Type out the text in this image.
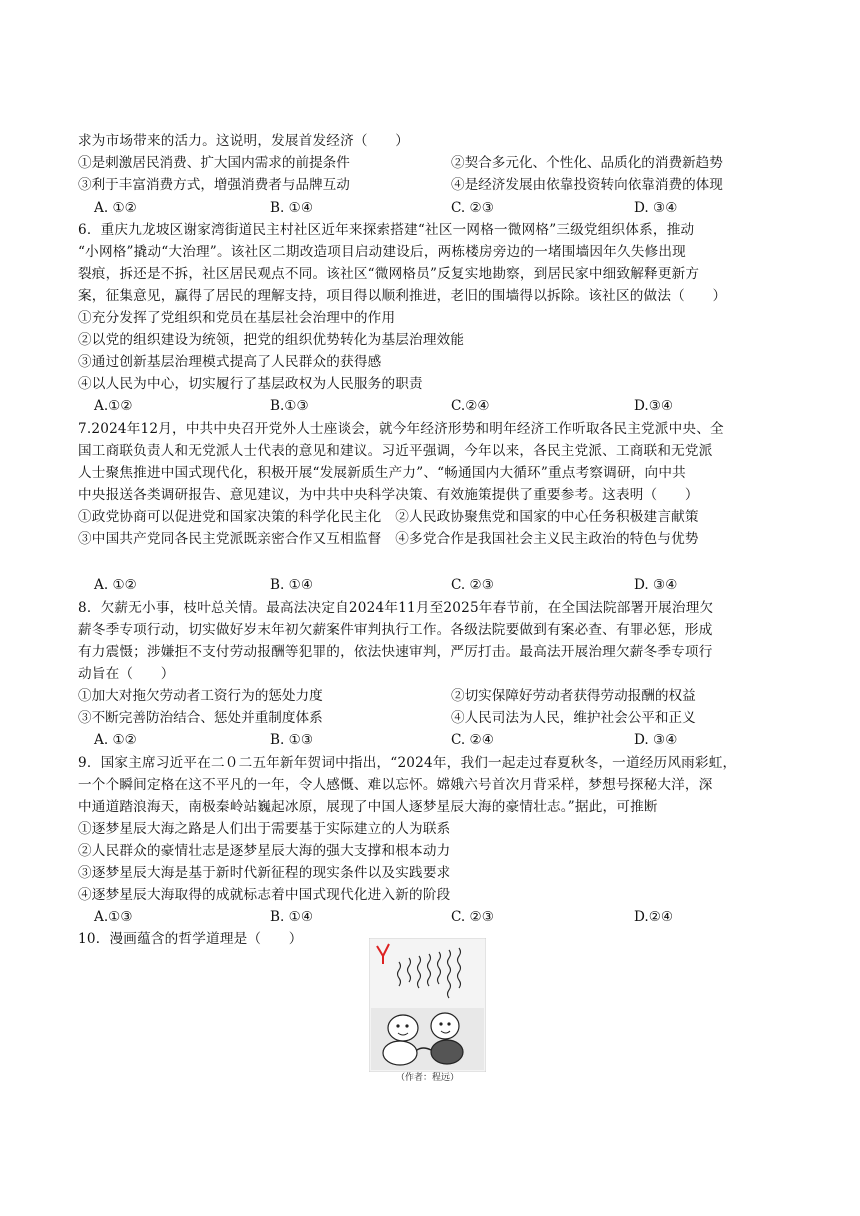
求为市场带来的活力。这说明，发展首发经济（　　）
①是刺激居民消费、扩大国内需求的前提条件	②契合多元化、个性化、品质化的消费新趋势
③利于丰富消费方式，增强消费者与品牌互动	④是经济发展由依靠投资转向依靠消费的体现
A. ①②	B. ①④	C. ②③	D. ③④
6．重庆九龙坡区谢家湾街道民主村社区近年来探索搭建“社区一网格一微网格”三级党组织体系，推动
“小网格”撬动“大治理”。该社区二期改造项目启动建设后，两栋楼房旁边的一堵围墙因年久失修出现
裂痕，拆还是不拆，社区居民观点不同。该社区“微网格员”反复实地勘察，到居民家中细致解释更新方
案，征集意见，赢得了居民的理解支持，项目得以顺利推进，老旧的围墙得以拆除。该社区的做法（　　）
①充分发挥了党组织和党员在基层社会治理中的作用
②以党的组织建设为统领，把党的组织优势转化为基层治理效能
③通过创新基层治理模式提高了人民群众的获得感
④以人民为中心，切实履行了基层政权为人民服务的职责
A.①②	B.①③	C.②④	D.③④
7.2024年12月，中共中央召开党外人士座谈会，就今年经济形势和明年经济工作听取各民主党派中央、全
国工商联负责人和无党派人士代表的意见和建议。习近平强调，今年以来，各民主党派、工商联和无党派
人士聚焦推进中国式现代化，积极开展“发展新质生产力”、“畅通国内大循环”重点考察调研，向中共
中央报送各类调研报告、意见建议，为中共中央科学决策、有效施策提供了重要参考。这表明（　　）
①政党协商可以促进党和国家决策的科学化民主化　②人民政协聚焦党和国家的中心任务积极建言献策
③中国共产党同各民主党派既亲密合作又互相监督　④多党合作是我国社会主义民主政治的特色与优势
A. ①②	B. ①④	C. ②③	D. ③④
8．欠薪无小事，枝叶总关情。最高法决定自2024年11月至2025年春节前，在全国法院部署开展治理欠
薪冬季专项行动，切实做好岁末年初欠薪案件审判执行工作。各级法院要做到有案必查、有罪必惩，形成
有力震慑；涉嫌拒不支付劳动报酬等犯罪的，依法快速审判，严厉打击。最高法开展治理欠薪冬季专项行
动旨在（　　）
①加大对拖欠劳动者工资行为的惩处力度	②切实保障好劳动者获得劳动报酬的权益
③不断完善防治结合、惩处并重制度体系	④人民司法为人民，维护社会公平和正义
A. ①②	B. ①③	C. ②④	D. ③④
9．国家主席习近平在二０二五年新年贺词中指出，“2024年，我们一起走过春夏秋冬，一道经历风雨彩虹，
一个个瞬间定格在这不平凡的一年，令人感慨、难以忘怀。嫦娥六号首次月背采样，梦想号探秘大洋，深
中通道踏浪海天，南极秦岭站巍起冰原，展现了中国人逐梦星辰大海的豪情壮志。”据此，可推断
①逐梦星辰大海之路是人们出于需要基于实际建立的人为联系
②人民群众的豪情壮志是逐梦星辰大海的强大支撑和根本动力
③逐梦星辰大海是基于新时代新征程的现实条件以及实践要求
④逐梦星辰大海取得的成就标志着中国式现代化进入新的阶段
A.①③	B. ①④	C. ②③	D.②④
10．漫画蕴含的哲学道理是（　　）
（作者：程远）
